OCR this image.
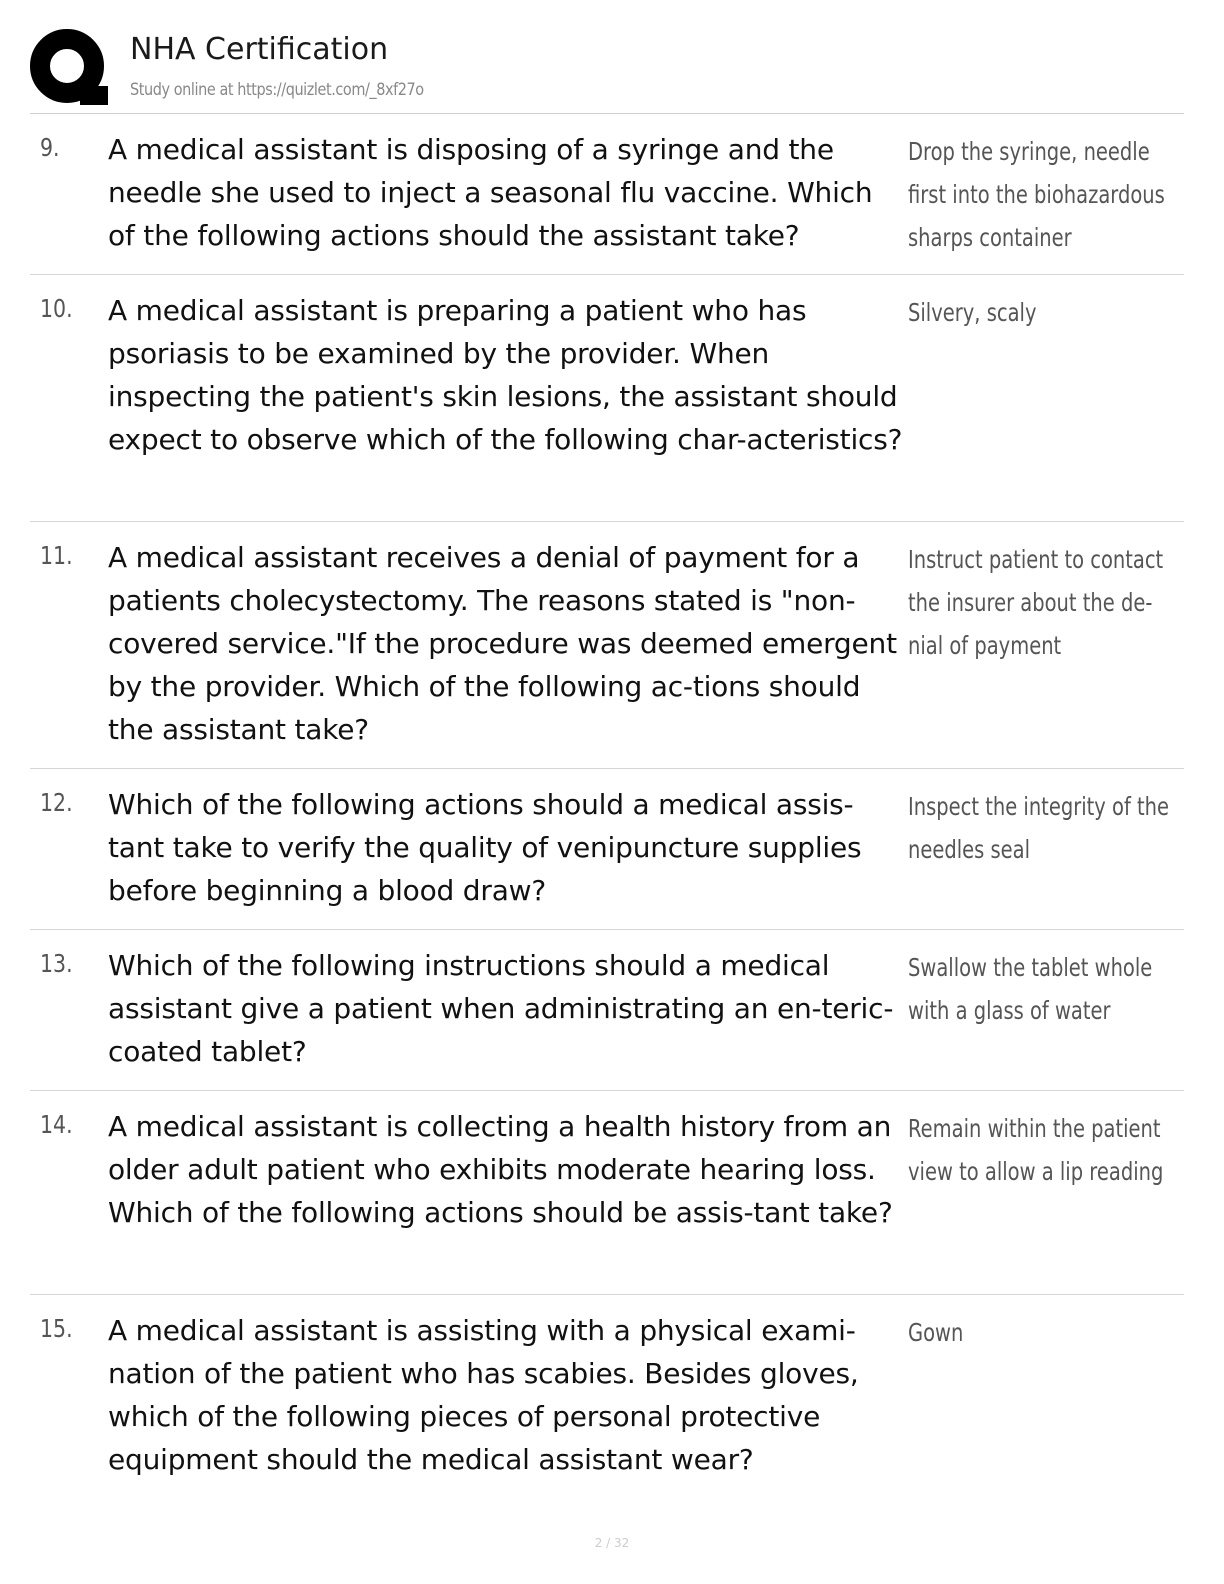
NHA Certification
Study online at https://quizlet.com/_8xf27o
9. A medical assistant is disposing of a syringe and the needle she used to inject a seasonal flu vaccine. Which of the following actions should the assistant take?
Drop the syringe, needle
first into the biohazardous
sharps container
10. A medical assistant is preparing a patient who has psoriasis to be examined by the provider. When inspecting the patient's skin lesions, the assistant should expect to observe which of the following char-acteristics?
Silvery, scaly
11. A medical assistant receives a denial of payment for a patients cholecystectomy. The reasons stated is "non-covered service."If the procedure was deemed emergent by the provider. Which of the following ac-tions should the assistant take?
Instruct patient to contact
the insurer about the de-
nial of payment
12. Which of the following actions should a medical assis-tant take to verify the quality of venipuncture supplies before beginning a blood draw?
Inspect the integrity of the
needles seal
13. Which of the following instructions should a medical assistant give a patient when administrating an en-teric- coated tablet?
Swallow the tablet whole
with a glass of water
14. A medical assistant is collecting a health history from an older adult patient who exhibits moderate hearing loss. Which of the following actions should be assis-tant take?
Remain within the patient
view to allow a lip reading
15. A medical assistant is assisting with a physical exami-nation of the patient who has scabies. Besides gloves, which of the following pieces of personal protective equipment should the medical assistant wear?
Gown
2 / 32
